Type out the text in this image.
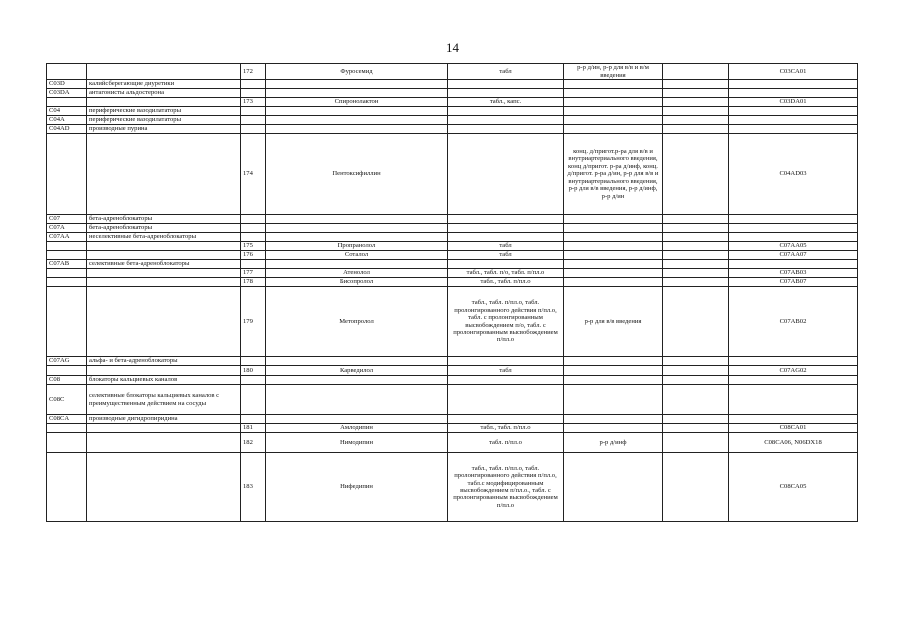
14
		172	Фуросемид	табл	р-р д/ин, р-р для в/в и в/м введения		C03CA01
C03D	калийсберегающие диуретики						
C03DA	антагонисты альдостерона						
		173	Спиронолактон	табл., капс.			C03DA01
C04	периферические вазодилататоры						
C04A	периферические вазодилататоры						
C04AD	производные пурина						
		174	Пентоксифиллин		конц. д/пригот.р-ра для в/в и внутриартериального введения, конц д/пригот. р-ра д/инф, конц. д/пригот. р-ра д/ин, р-р для в/в и внутриартериального введения, р-р для в/в введения, р-р д/инф, р-р д/ин		C04AD03
C07	бета-адреноблокаторы						
C07A	бета-адреноблокаторы						
C07AA	неселективные бета-адреноблокаторы						
		175	Пропранолол	табл			C07AA05
		176	Соталол	табл			C07AA07
C07AB	селективные бета-адреноблокаторы						
		177	Атенолол	табл., табл. п/о, табл. п/пл.о			C07AB03
		178	Бисопролол	табл., табл. п/пл.о			C07AB07
		179	Метопролол	табл., табл. п/пл.о, табл. пролонгированного действия п/пл.о, табл. с пролонгированным высвобождением п/о, табл. с пролонгированным высвобождением п/пл.о	р-р для в/в введения		C07AB02
C07AG	альфа- и бета-адреноблокаторы						
		180	Карведилол	табл			C07AG02
C08	блокаторы кальциевых каналов						
C08C	селективные блокаторы кальциевых каналов с преимущественным действием на сосуды						
C08CA	производные дигидропиридина						
		181	Амлодипин	табл., табл. п/пл.о			C08CA01
		182	Нимодипин	табл. п/пл.о	р-р д/инф		C08CA06, N06DX18
		183	Нифедипин	табл., табл. п/пл.о, табл. пролонгированного действия п/пл.о, табл.с модифицированным высвобождением п/пл.о., табл. с пролонгированным высвобождением п/пл.о			C08CA05
